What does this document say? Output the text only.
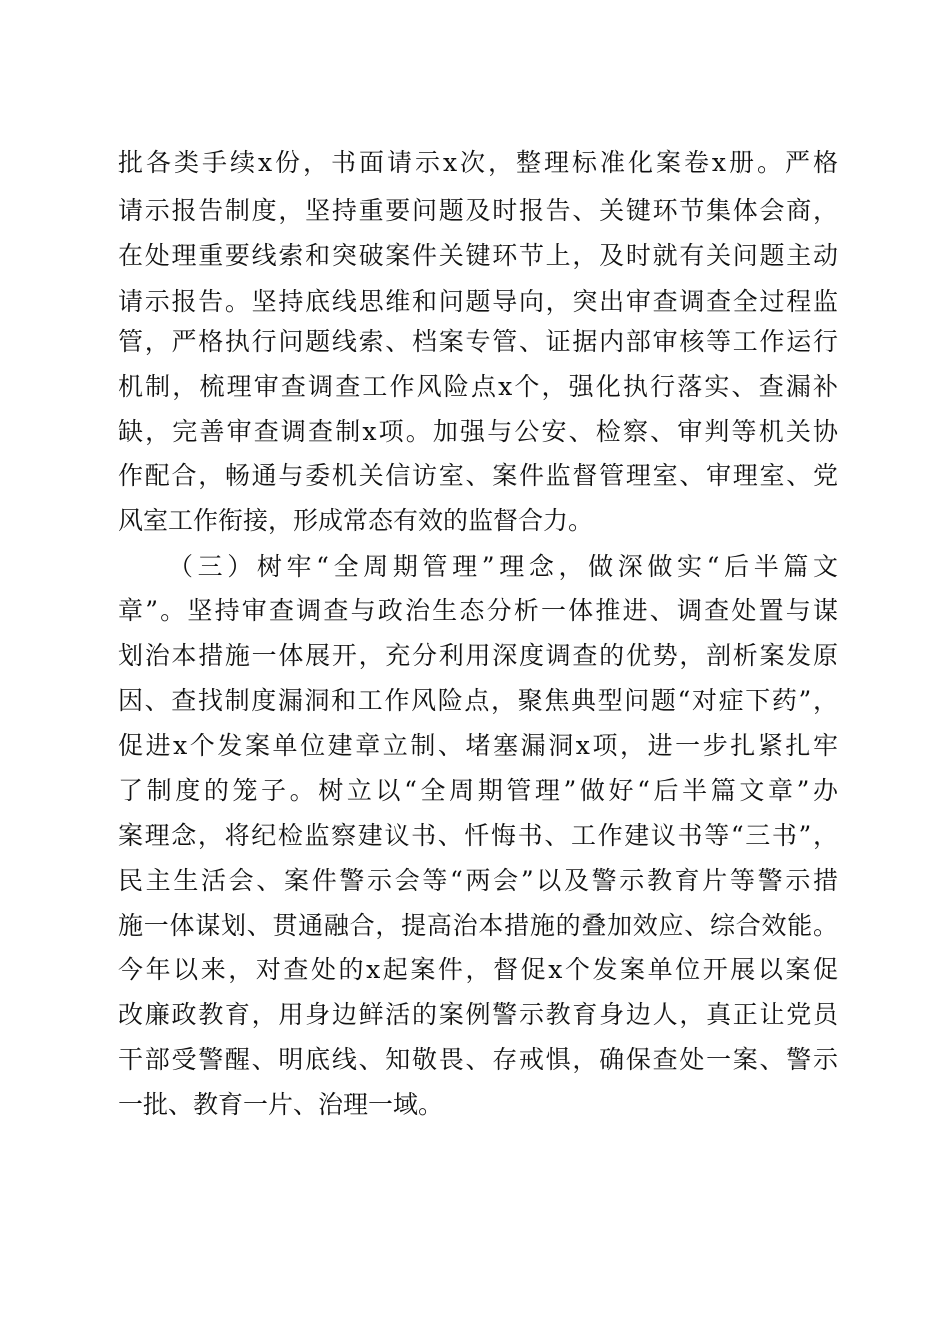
批各类手续x份，书面请示x次，整理标准化案卷x册。严格
请示报告制度，坚持重要问题及时报告、关键环节集体会商，
在处理重要线索和突破案件关键环节上，及时就有关问题主动
请示报告。坚持底线思维和问题导向，突出审查调查全过程监
管，严格执行问题线索、档案专管、证据内部审核等工作运行
机制，梳理审查调查工作风险点x个，强化执行落实、查漏补
缺，完善审查调查制x项。加强与公安、检察、审判等机关协
作配合，畅通与委机关信访室、案件监督管理室、审理室、党
风室工作衔接，形成常态有效的监督合力。
（三）树牢“全周期管理”理念，做深做实“后半篇文
章”。坚持审查调查与政治生态分析一体推进、调查处置与谋
划治本措施一体展开，充分利用深度调查的优势，剖析案发原
因、查找制度漏洞和工作风险点，聚焦典型问题“对症下药”，
促进x个发案单位建章立制、堵塞漏洞x项，进一步扎紧扎牢
了制度的笼子。树立以“全周期管理”做好“后半篇文章”办
案理念，将纪检监察建议书、忏悔书、工作建议书等“三书”，
民主生活会、案件警示会等“两会”以及警示教育片等警示措
施一体谋划、贯通融合，提高治本措施的叠加效应、综合效能。
今年以来，对查处的x起案件，督促x个发案单位开展以案促
改廉政教育，用身边鲜活的案例警示教育身边人，真正让党员
干部受警醒、明底线、知敬畏、存戒惧，确保查处一案、警示
一批、教育一片、治理一域。
